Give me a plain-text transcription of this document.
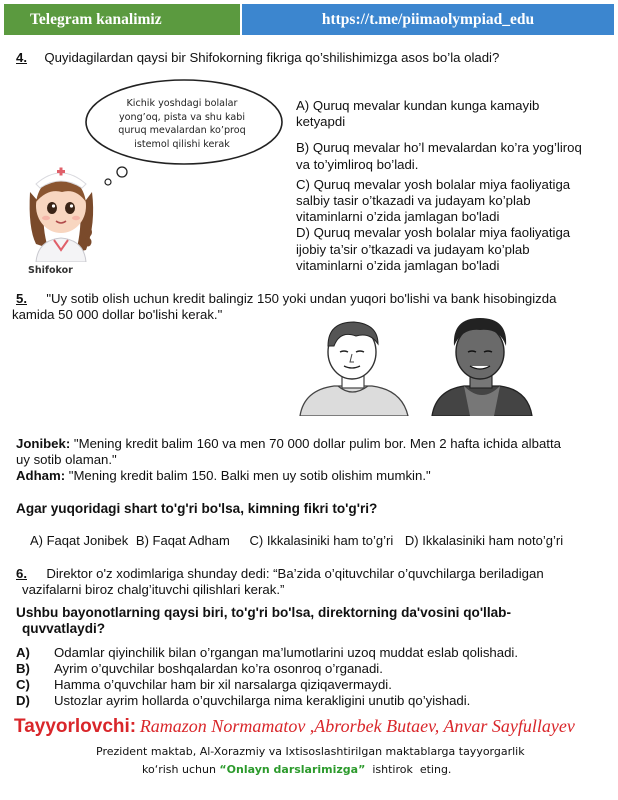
Telegram kanalimiz	https://t.me/piimaolympiad_edu
4. Quyidagilardan qaysi bir Shifokorning fikriga qo’shilishimizga asos bo’la oladi?
Kichik yoshdagi bolalar
yong’oq, pista va shu kabi
quruq mevalardan ko’proq
istemol qilishi kerak
Shifokor
A) Quruq mevalar kundan kunga kamayib
ketyapdi
B) Quruq mevalar ho’l mevalardan ko’ra yog’liroq
va to’yimliroq bo’ladi.
C) Quruq mevalar yosh bolalar miya faoliyatiga
salbiy tasir o’tkazadi va judayam ko’plab
vitaminlarni o’zida jamlagan bo'ladi
D) Quruq mevalar yosh bolalar miya faoliyatiga
ijobiy ta’sir o’tkazadi va judayam ko’plab
vitaminlarni o’zida jamlagan bo'ladi
5. "Uy sotib olish uchun kredit balingiz 150 yoki undan yuqori bo'lishi va bank hisobingizda
kamida 50 000 dollar bo'lishi kerak."
Jonibek: "Mening kredit balim 160 va men 70 000 dollar pulim bor. Men 2 hafta ichida albatta
uy sotib olaman."
Adham: "Mening kredit balim 150. Balki men uy sotib olishim mumkin."
Agar yuqoridagi shart to'g'ri bo'lsa, kimning fikri to'g'ri?
A) Faqat Jonibek B) Faqat Adham C) Ikkalasiniki ham to’g’ri D) Ikkalasiniki ham noto’g’ri
6. Direktor o'z xodimlariga shunday dedi: “Ba’zida o’qituvchilar o’quvchilarga beriladigan
vazifalarni biroz chalg’ituvchi qilishlari kerak.”
Ushbu bayonotlarning qaysi biri, to'g'ri bo'lsa, direktorning da'vosini qo'llab-
quvvatlaydi?
A)	Odamlar qiyinchilik bilan o’rgangan ma’lumotlarini uzoq muddat eslab qolishadi.
B)	Ayrim o’quvchilar boshqalardan ko’ra osonroq o’rganadi.
C)	Hamma o’quvchilar ham bir xil narsalarga qiziqavermaydi.
D)	Ustozlar ayrim hollarda o’quvchilarga nima kerakligini unutib qo’yishadi.
Tayyorlovchi: Ramazon Normamatov ,Abrorbek Butaev, Anvar Sayfullayev
Prezident maktab, Al-Xorazmiy va Ixtisoslashtirilgan maktablarga tayyorgarlik
ko‘rish uchun “Onlayn darslarimizga”  ishtirok  eting.
